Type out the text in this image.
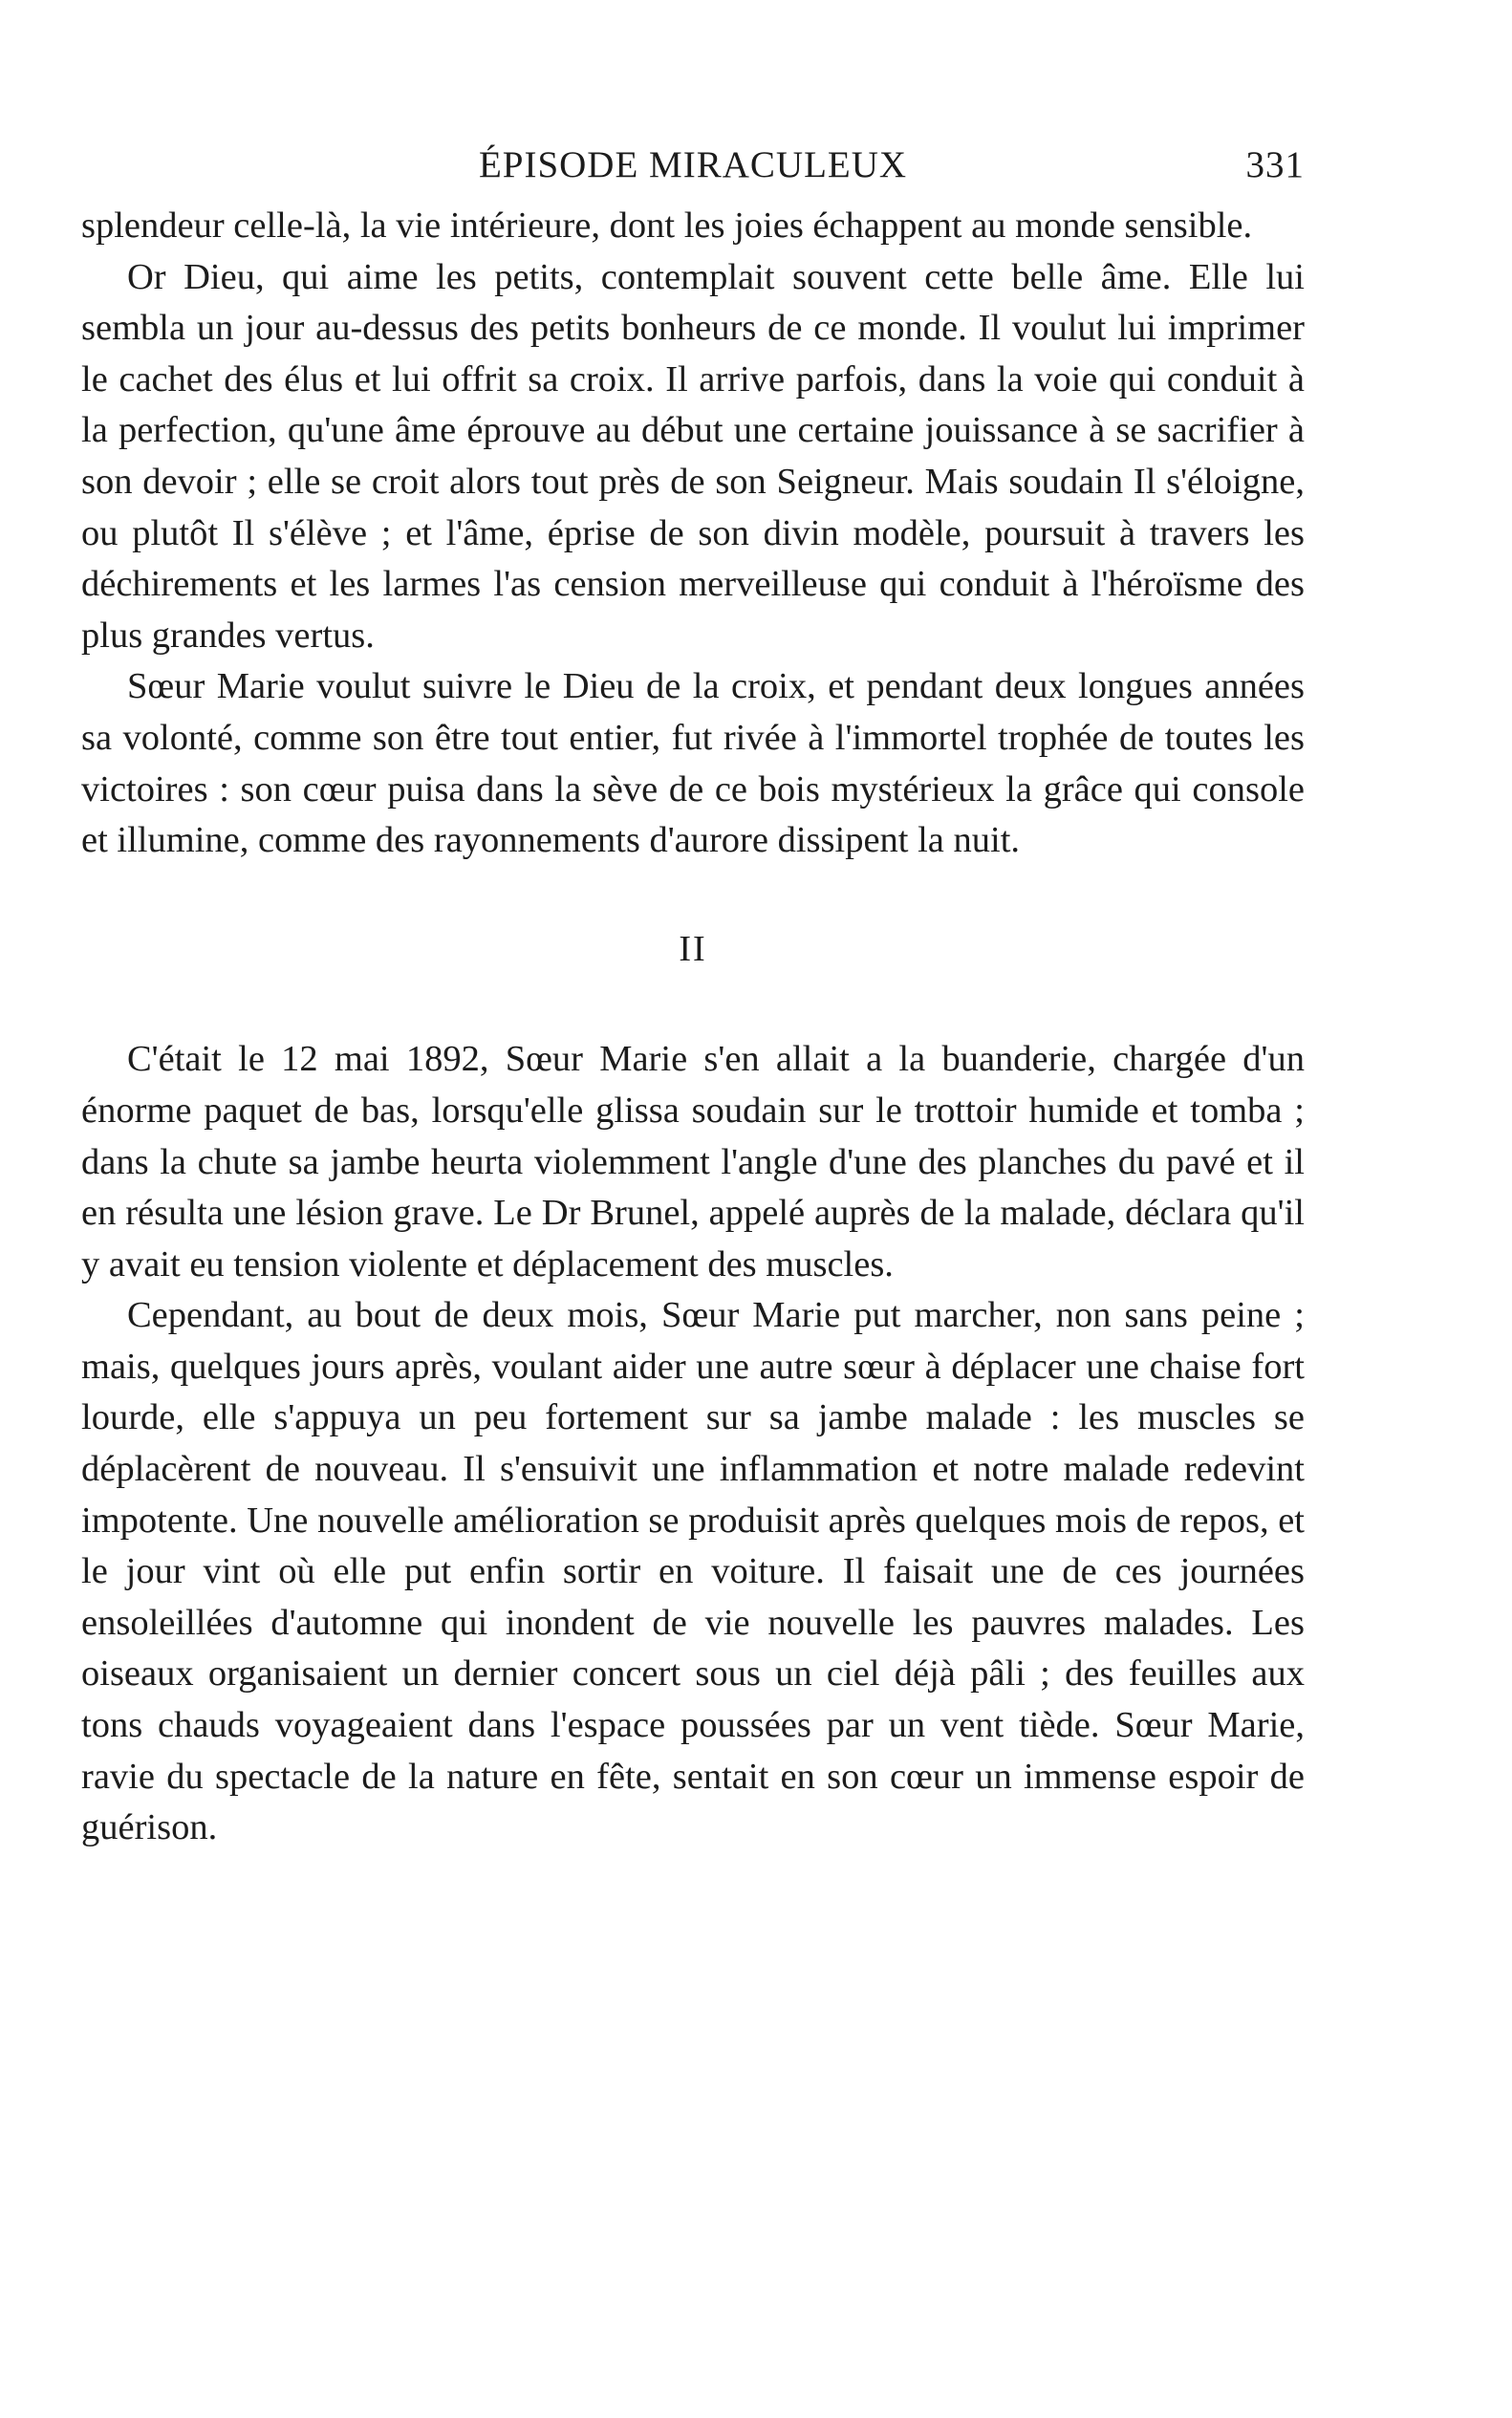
ÉPISODE MIRACULEUX	331

splendeur celle-là, la vie intérieure, dont les joies échappent au monde sensible.

Or Dieu, qui aime les petits, contemplait souvent cette belle âme. Elle lui sembla un jour au-dessus des petits bonheurs de ce monde. Il voulut lui imprimer le cachet des élus et lui offrit sa croix. Il arrive parfois, dans la voie qui conduit à la perfection, qu'une âme éprouve au début une certaine jouissance à se sacrifier à son devoir ; elle se croit alors tout près de son Seigneur. Mais soudain Il s'éloigne, ou plutôt Il s'élève ; et l'âme, éprise de son divin modèle, poursuit à travers les déchirements et les larmes l'as cension merveilleuse qui conduit à l'héroïsme des plus grandes vertus.

Sœur Marie voulut suivre le Dieu de la croix, et pendant deux longues années sa volonté, comme son être tout entier, fut rivée à l'immortel trophée de toutes les victoires : son cœur puisa dans la sève de ce bois mystérieux la grâce qui console et illumine, comme des rayonnements d'aurore dissipent la nuit.

II

C'était le 12 mai 1892, Sœur Marie s'en allait a la buanderie, chargée d'un énorme paquet de bas, lorsqu'elle glissa soudain sur le trottoir humide et tomba ; dans la chute sa jambe heurta violemment l'angle d'une des planches du pavé et il en résulta une lésion grave. Le Dr Brunel, appelé auprès de la malade, déclara qu'il y avait eu tension violente et déplacement des muscles.

Cependant, au bout de deux mois, Sœur Marie put marcher, non sans peine ; mais, quelques jours après, voulant aider une autre sœur à déplacer une chaise fort lourde, elle s'appuya un peu fortement sur sa jambe malade : les muscles se déplacèrent de nouveau. Il s'ensuivit une inflammation et notre malade redevint impotente. Une nouvelle amélioration se produisit après quelques mois de repos, et le jour vint où elle put enfin sortir en voiture. Il faisait une de ces journées ensoleillées d'automne qui inondent de vie nouvelle les pauvres malades. Les oiseaux organisaient un dernier concert sous un ciel déjà pâli ; des feuilles aux tons chauds voyageaient dans l'espace poussées par un vent tiède. Sœur Marie, ravie du spectacle de la nature en fête, sentait en son cœur un immense espoir de guérison.
